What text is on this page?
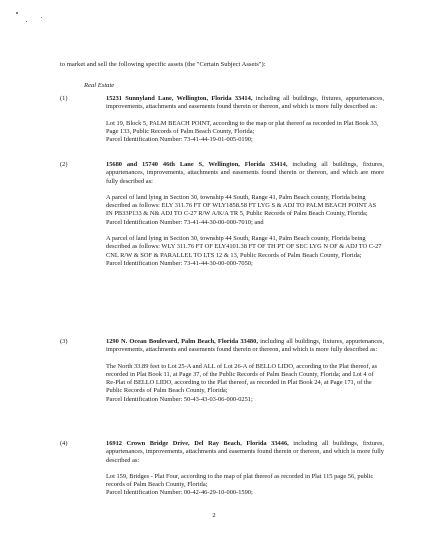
to market and sell the following specific assets (the "Certain Subject Assets"):
Real Estate
(1)	15231 Sunnyland Lane, Wellington, Florida 33414, including all buildings, fixtures, appurtenances, improvements, attachments and easements found therein or thereon, and which is more fully described as:

Lot 19, Block 5, PALM BEACH POINT, according to the map or plat thereof as recorded in Plat Book 33, Page 133, Public Records of Palm Beach County, Florida;

Parcel Identification Number: 73-41-44-19-01-005-0190;

(2)	15680 and 15740 46th Lane S, Wellington, Florida 33414, including all buildings, fixtures, appurtenances, improvements, attachments and easements found therein or thereon, and which are more fully described as:

A parcel of land lying in Section 30, township 44 South, Range 41, Palm Beach county, Florida being described as follows: ELY 311.76 FT OF WLY1858.58 FT LYG S & ADJ TO PALM BEACH POINT AS IN PB33P133 & N& ADJ TO C-27 R/W A/K/A TR 5, Public Records of Palm Beach County, Florida;

Parcel Identification Number: 73-41-44-30-00-000-7010; and

A parcel of land lying in Section 30, township 44 South, Range 41, Palm Beach county, Florida being described as follows: WLY 311.76 FT OF ELY4101.38 FT OF TH PT OF SEC LYG N OF & ADJ TO C-27 CNL R/W & SOF & PARALLEL TO LTS 12 & 13, Public Records of Palm Beach County, Florida;

Parcel Identification Number: 73-41-44-30-00-000-7050;

(3)	1290 N. Ocean Boulevard, Palm Beach, Florida 33480, including all buildings, fixtures, appurtenances, improvements, attachments and easements found therein or thereon, and which is more fully described as:

The North 33.89 feet to Lot 25-A and ALL of Lot 26-A of BELLO LIDO, according to the Plat thereof, as recorded in Plat Book 11, at Page 37, of the Public Records of Palm Beach County, Florida; and Lot 4 of Re-Plat of BELLO LIDO, according to the Plat thereof, as recorded in Plat Book 24, at Page 171, of the Public Records of Palm Beach County, Florida;

Parcel Identification Number: 50-43-43-03-06-000-0251;

(4)	16912 Crown Bridge Drive, Del Ray Beach, Florida 33446, including all buildings, fixtures, appurtenances, improvements, attachments and easements found therein or thereon, and which is more fully described as:

Lot 159, Bridges - Plat Four, according to the map of plat thereof as recorded in Plat 115 page 56, public records of Palm Beach County, Florida;

Parcel Identification Number: 00-42-46-29-10-000-1590;

2
